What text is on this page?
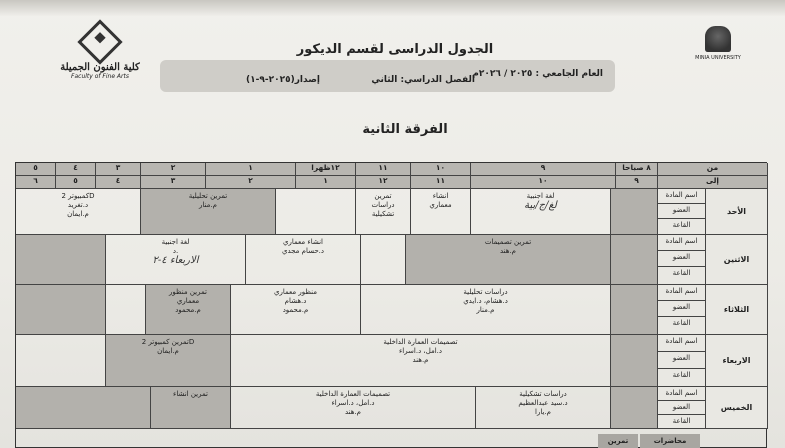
كلية الفنون الجميلة
Faculty of Fine Arts
MINIA UNIVERSITY
الجدول الدراسى لقسم الديكور
العام الجامعي : ٢٠٢٥ / ٢٠٢٦م
الفصل الدراسي: الثاني
إصدار(٢٠٢٥-٩-١)
الفرقة الثانية
من
إلى
٨ صباحا
٩
٩
١٠
١٠
١١
١١
١٢
١٢ظهرا
١
١
٢
٢
٣
٣
٤
٤
٥
٥
٦
الأحد
اسم المادة
العضو
القاعة
الاثنين
اسم المادة
العضو
القاعة
الثلاثاء
اسم المادة
العضو
القاعة
الاربعاء
اسم المادة
العضو
القاعة
الخميس
اسم المادة
العضو
القاعة
لغة اجنبية
لغ/ج/بية
انشاء
معماري
تمرين
دراسات
تشكيلية
تمرين تحليلية
م.منار
كمبيوتر 2D
د.تغريد
م.ايمان
تمرين تصميمات
م.هند
انشاء معماري
د.حسام مجدي
لغة اجنبية
د.
الاربعاء ٤-٢
دراسات تحليلية
د.هشام، د.ايدي
م.منار
منظور معماري
د.هشام
م.محمود
تمرين منظور
معماري
م.محمود
تصميمات العمارة الداخلية
د.امل، د.اسراء
م.هند
تمرين كمبيوتر 2D
م.ايمان
دراسات تشكيلية
د.سيد عبدالعظيم
م.يارا
تصميمات العمارة الداخلية
د.امل، د.اسراء
م.هند
تمرين انشاء
محاضرات
تمرين
